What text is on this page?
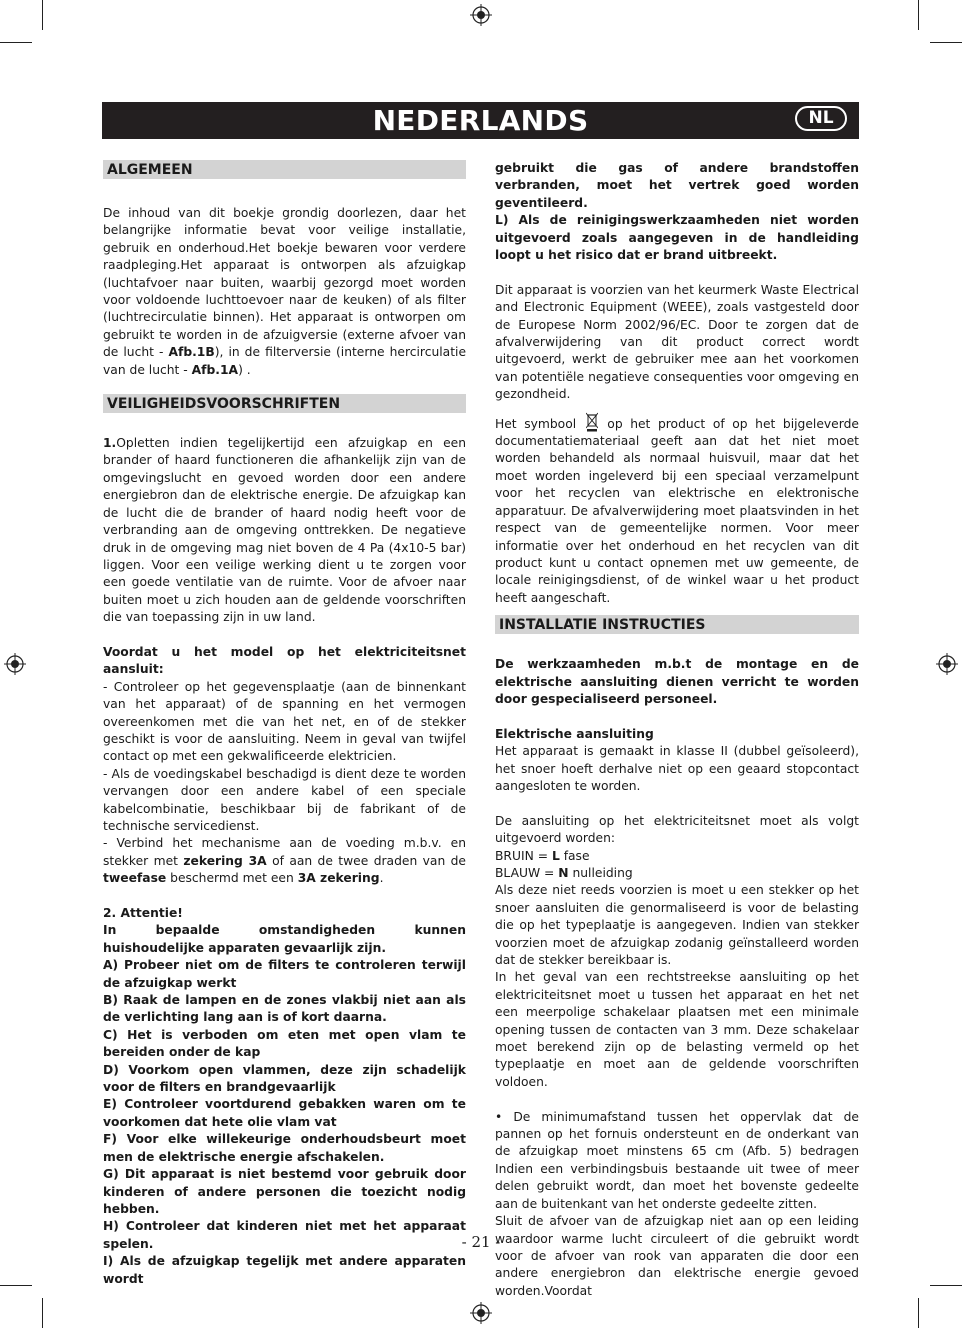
NEDERLANDS	NL
ALGEMEEN

De inhoud van dit boekje grondig doorlezen, daar het belangrijke informatie bevat voor veilige installatie, gebruik en onderhoud.Het boekje bewaren voor verdere raadpleging.Het apparaat is ontworpen als afzuigkap (luchtafvoer naar buiten, waarbij gezorgd moet worden voor voldoende luchttoevoer naar de keuken) of als filter (luchtrecirculatie binnen). Het apparaat is ontworpen om gebruikt te worden in de afzuigversie (externe afvoer van de lucht - Afb.1B), in de filterversie (interne hercirculatie van de lucht - Afb.1A) .

VEILIGHEIDSVOORSCHRIFTEN

1.Opletten indien tegelijkertijd een afzuigkap en een brander of haard functioneren die afhankelijk zijn van de omgevingslucht en gevoed worden door een andere energiebron dan de elektrische energie. De afzuigkap kan de lucht die de brander of haard nodig heeft voor de verbranding aan de omgeving onttrekken. De negatieve druk in de omgeving mag niet boven de 4 Pa (4x10-5 bar) liggen. Voor een veilige werking dient u te zorgen voor een goede ventilatie van de ruimte. Voor de afvoer naar buiten moet u zich houden aan de geldende voorschriften die van toepassing zijn in uw land.

Voordat u het model op het elektriciteitsnet aansluit:

- Controleer op het gegevensplaatje (aan de binnenkant van het apparaat) of de spanning en het vermogen overeenkomen met die van het net, en of de stekker geschikt is voor de aansluiting. Neem in geval van twijfel contact op met een gekwalificeerde elektricien.

- Als de voedingskabel beschadigd is dient deze te worden vervangen door een andere kabel of een speciale kabelcombinatie, beschikbaar bij de fabrikant of de technische servicedienst.

- Verbind het mechanisme aan de voeding m.b.v. en stekker met zekering 3A of aan de twee draden van de tweefase beschermd met een 3A zekering.

2. Attentie!

In bepaalde omstandigheden kunnen huishoudelijke apparaten gevaarlijk zijn.

A) Probeer niet om de filters te controleren terwijl de afzuigkap werkt

B) Raak de lampen en de zones vlakbij niet aan als de verlichting lang aan is of kort daarna.

C) Het is verboden om eten met open vlam te bereiden onder de kap

D) Voorkom open vlammen, deze zijn schadelijk voor de filters en brandgevaarlijk

E) Controleer voortdurend gebakken waren om te voorkomen dat hete olie vlam vat

F) Voor elke willekeurige onderhoudsbeurt moet men de elektrische energie afschakelen.

G) Dit apparaat is niet bestemd voor gebruik door kinderen of andere personen die toezicht nodig hebben.

H) Controleer dat kinderen niet met het apparaat spelen.

I) Als de afzuigkap tegelijk met andere apparaten wordt

gebruikt die gas of andere brandstoffen verbranden, moet het vertrek goed worden geventileerd.

L) Als de reinigingswerkzaamheden niet worden uitgevoerd zoals aangegeven in de handleiding loopt u het risico dat er brand uitbreekt.

Dit apparaat is voorzien van het keurmerk Waste Electrical and Electronic Equipment (WEEE), zoals vastgesteld door de Europese Norm 2002/96/EC. Door te zorgen dat de afvalverwijdering van dit product correct wordt uitgevoerd, werkt de gebruiker mee aan het voorkomen van potentiële negatieve consequenties voor omgeving en gezondheid.

Het symbool	op het product of op het bijgeleverde documentatiemateriaal geeft aan dat het niet moet worden behandeld als normaal huisvuil, maar dat het moet worden ingeleverd bij een speciaal verzamelpunt voor het recyclen van elektrische en elektronische apparatuur. De afvalverwijdering moet plaatsvinden in het respect van de gemeentelijke normen. Voor meer informatie over het onderhoud en het recyclen van dit product kunt u contact opnemen met uw gemeente, de locale reinigingsdienst, of de winkel waar u het product heeft aangeschaft.

INSTALLATIE INSTRUCTIES

De werkzaamheden m.b.t de montage en de elektrische aansluiting dienen verricht te worden door gespecialiseerd personeel.

Elektrische aansluiting

Het apparaat is gemaakt in klasse II (dubbel geïsoleerd), het snoer hoeft derhalve niet op een geaard stopcontact aangesloten te worden.

De aansluiting op het elektriciteitsnet moet als volgt uitgevoerd worden:

BRUIN = L fase

BLAUW = N nulleiding

Als deze niet reeds voorzien is moet u een stekker op het snoer aansluiten die genormaliseerd is voor de belasting die op het typeplaatje is aangegeven. Indien van stekker voorzien moet de afzuigkap zodanig geïnstalleerd worden dat de stekker bereikbaar is.

In het geval van een rechtstreekse aansluiting op het elektriciteitsnet moet u tussen het apparaat en het net een meerpolige schakelaar plaatsen met een minimale opening tussen de contacten van 3 mm. Deze schakelaar moet berekend zijn op de belasting vermeld op het typeplaatje en moet aan de geldende voorschriften voldoen.

• De minimumafstand tussen het oppervlak dat de pannen op het fornuis ondersteunt en de onderkant van de afzuigkap moet minstens 65 cm (Afb. 5) bedragen Indien een verbindingsbuis bestaande uit twee of meer delen gebruikt wordt, dan moet het bovenste gedeelte aan de buitenkant van het onderste gedeelte zitten.

Sluit de afvoer van de afzuigkap niet aan op een leiding waardoor warme lucht circuleert of die gebruikt wordt voor de afvoer van rook van apparaten die door een andere energiebron dan elektrische energie gevoed worden.Voordat

- 21 -
